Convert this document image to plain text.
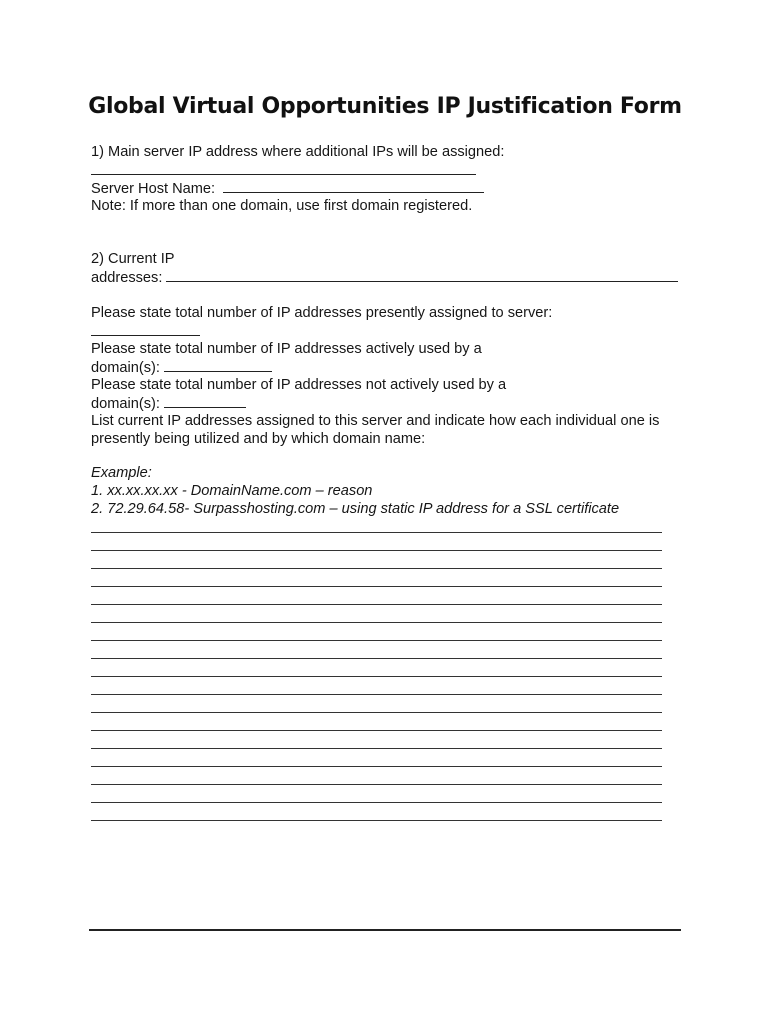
Global Virtual Opportunities IP Justification Form
1) Main server IP address where additional IPs will be assigned:
Server Host Name:
Note: If more than one domain, use first domain registered.
2) Current IP
addresses:
Please state total number of IP addresses presently assigned to server:
Please state total number of IP addresses actively used by a
domain(s):
Please state total number of IP addresses not actively used by a
domain(s):
List current IP addresses assigned to this server and indicate how each individual one is
presently being utilized and by which domain name:
Example:
1. xx.xx.xx.xx - DomainName.com – reason
2. 72.29.64.58- Surpasshosting.com – using static IP address for a SSL certificate
